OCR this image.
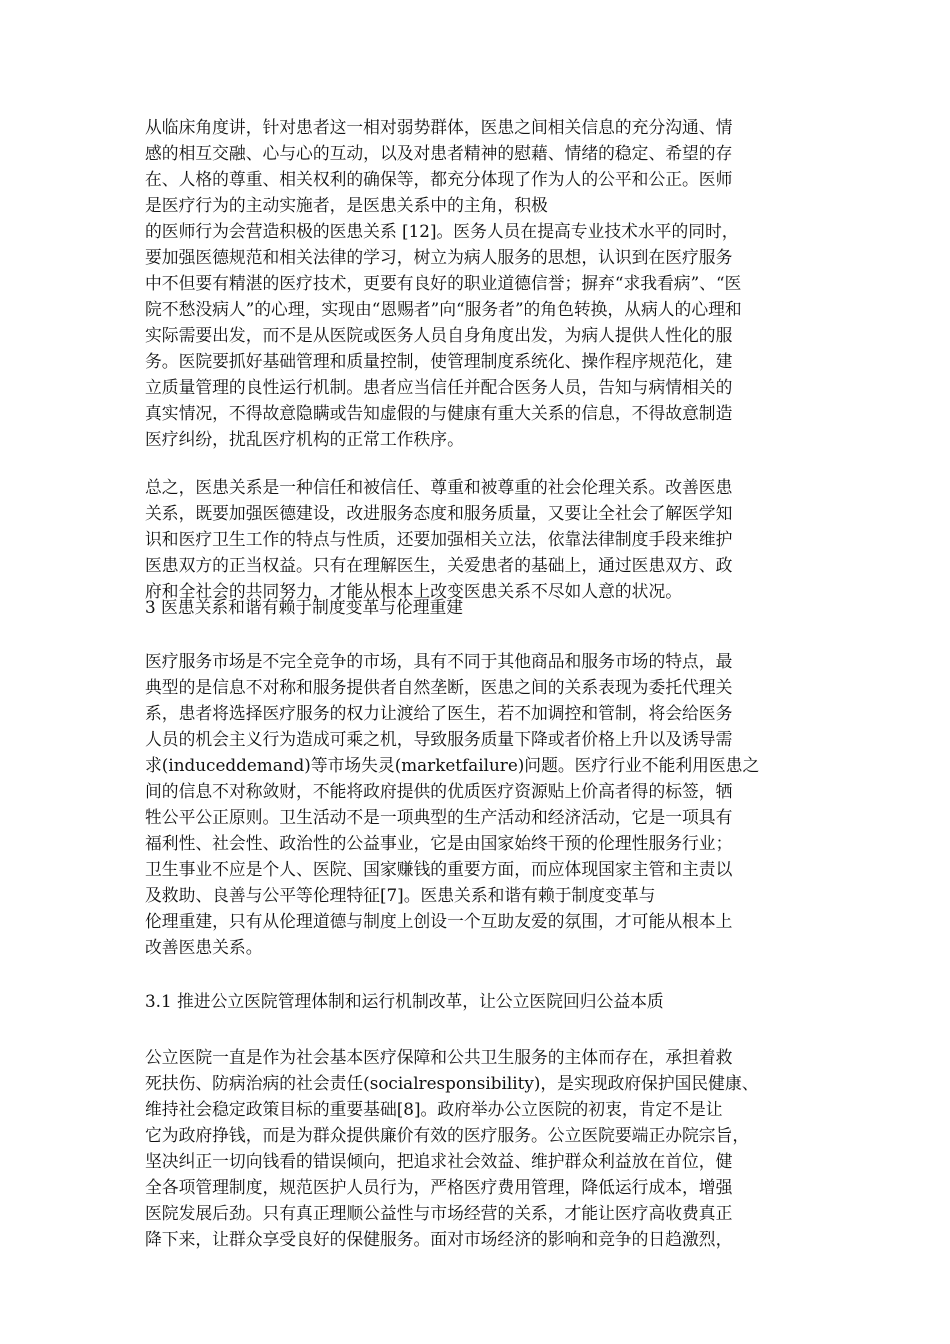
从临床角度讲，针对患者这一相对弱势群体，医患之间相关信息的充分沟通、情
感的相互交融、心与心的互动，以及对患者精神的慰藉、情绪的稳定、希望的存
在、人格的尊重、相关权利的确保等，都充分体现了作为人的公平和公正。医师
是医疗行为的主动实施者，是医患关系中的主角，积极
的医师行为会营造积极的医患关系 [12]。医务人员在提高专业技术水平的同时，
要加强医德规范和相关法律的学习，树立为病人服务的思想，认识到在医疗服务
中不但要有精湛的医疗技术，更要有良好的职业道德信誉；摒弃“求我看病”、“医
院不愁没病人”的心理，实现由“恩赐者”向“服务者”的角色转换，从病人的心理和
实际需要出发，而不是从医院或医务人员自身角度出发，为病人提供人性化的服
务。医院要抓好基础管理和质量控制，使管理制度系统化、操作程序规范化，建
立质量管理的良性运行机制。患者应当信任并配合医务人员，告知与病情相关的
真实情况，不得故意隐瞒或告知虚假的与健康有重大关系的信息，不得故意制造
医疗纠纷，扰乱医疗机构的正常工作秩序。
总之，医患关系是一种信任和被信任、尊重和被尊重的社会伦理关系。改善医患
关系，既要加强医德建设，改进服务态度和服务质量，又要让全社会了解医学知
识和医疗卫生工作的特点与性质，还要加强相关立法，依靠法律制度手段来维护
医患双方的正当权益。只有在理解医生，关爱患者的基础上，通过医患双方、政
府和全社会的共同努力，才能从根本上改变医患关系不尽如人意的状况。
3 医患关系和谐有赖于制度变革与伦理重建
医疗服务市场是不完全竞争的市场，具有不同于其他商品和服务市场的特点，最
典型的是信息不对称和服务提供者自然垄断，医患之间的关系表现为委托代理关
系，患者将选择医疗服务的权力让渡给了医生，若不加调控和管制，将会给医务
人员的机会主义行为造成可乘之机，导致服务质量下降或者价格上升以及诱导需
求(induceddemand)等市场失灵(marketfailure)问题。医疗行业不能利用医患之
间的信息不对称敛财，不能将政府提供的优质医疗资源贴上价高者得的标签，牺
牲公平公正原则。卫生活动不是一项典型的生产活动和经济活动，它是一项具有
福利性、社会性、政治性的公益事业，它是由国家始终干预的伦理性服务行业；
卫生事业不应是个人、医院、国家赚钱的重要方面，而应体现国家主管和主责以
及救助、良善与公平等伦理特征[7]。医患关系和谐有赖于制度变革与
伦理重建，只有从伦理道德与制度上创设一个互助友爱的氛围，才可能从根本上
改善医患关系。
3.1 推进公立医院管理体制和运行机制改革，让公立医院回归公益本质
公立医院一直是作为社会基本医疗保障和公共卫生服务的主体而存在，承担着救
死扶伤、防病治病的社会责任(socialresponsibility)，是实现政府保护国民健康、
维持社会稳定政策目标的重要基础[8]。政府举办公立医院的初衷，肯定不是让
它为政府挣钱，而是为群众提供廉价有效的医疗服务。公立医院要端正办院宗旨，
坚决纠正一切向钱看的错误倾向，把追求社会效益、维护群众利益放在首位，健
全各项管理制度，规范医护人员行为，严格医疗费用管理，降低运行成本，增强
医院发展后劲。只有真正理顺公益性与市场经营的关系，才能让医疗高收费真正
降下来，让群众享受良好的保健服务。面对市场经济的影响和竞争的日趋激烈，
